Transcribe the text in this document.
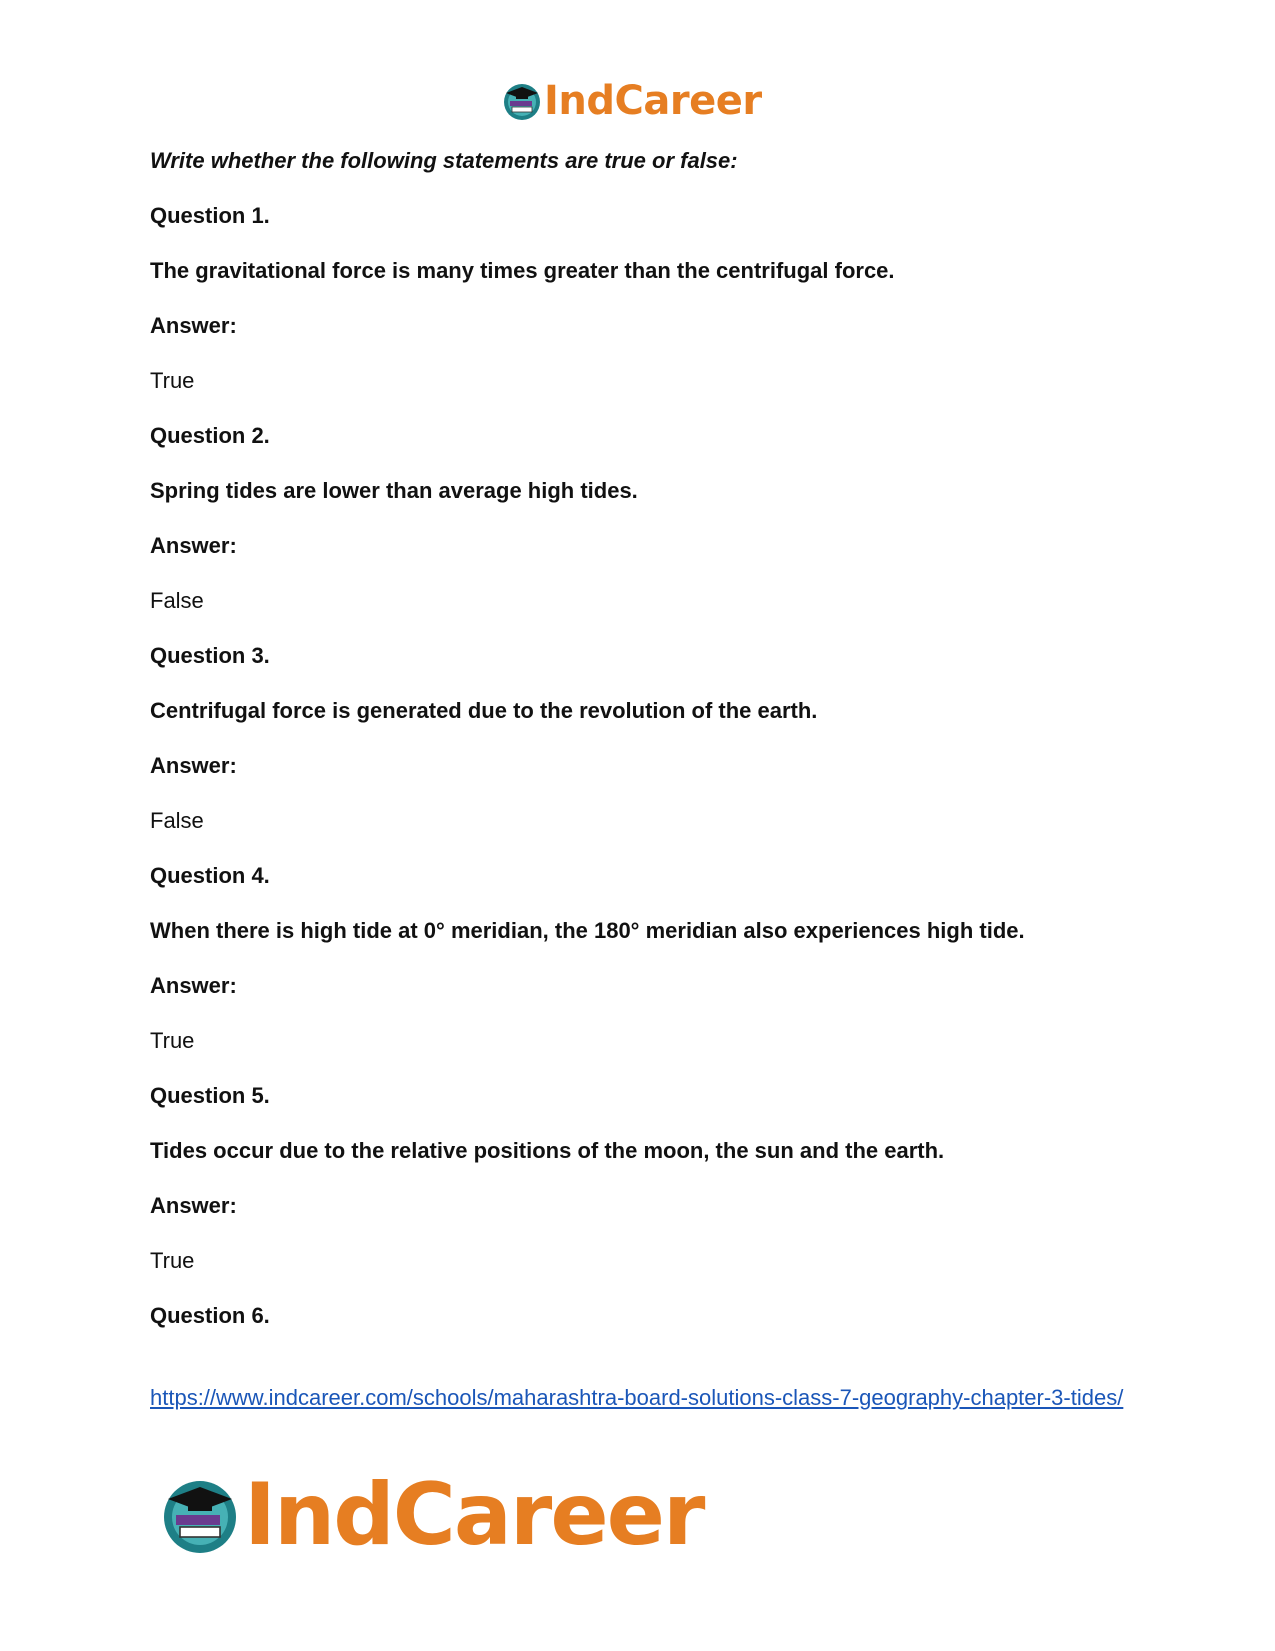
IndCareer
Write whether the following statements are true or false:
Question 1.
The gravitational force is many times greater than the centrifugal force.
Answer:
True
Question 2.
Spring tides are lower than average high tides.
Answer:
False
Question 3.
Centrifugal force is generated due to the revolution of the earth.
Answer:
False
Question 4.
When there is high tide at 0° meridian, the 180° meridian also experiences high tide.
Answer:
True
Question 5.
Tides occur due to the relative positions of the moon, the sun and the earth.
Answer:
True
Question 6.
https://www.indcareer.com/schools/maharashtra-board-solutions-class-7-geography-chapter-3-tides/
IndCareer
